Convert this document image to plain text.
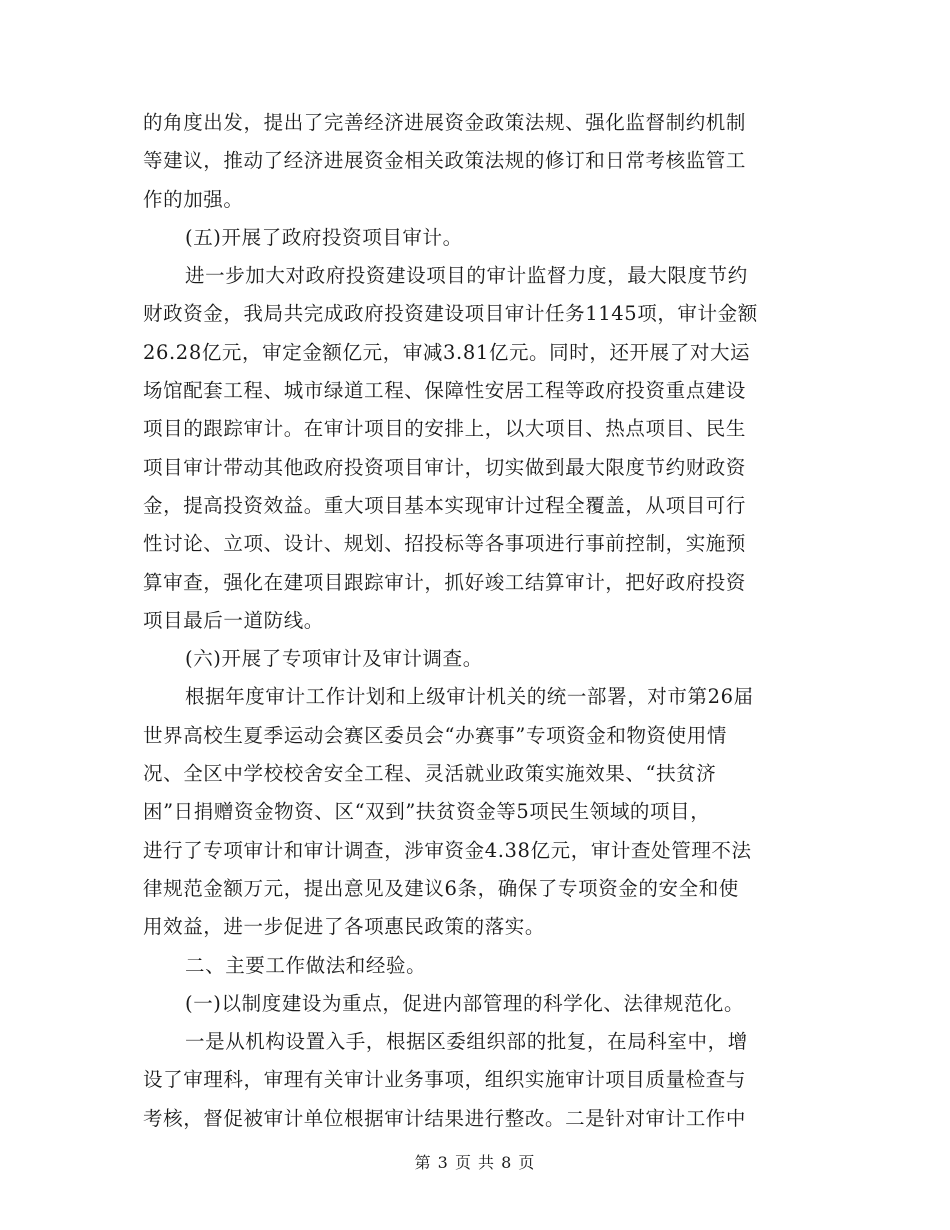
的角度出发，提出了完善经济进展资金政策法规、强化监督制约机制
等建议，推动了经济进展资金相关政策法规的修订和日常考核监管工
作的加强。
(五)开展了政府投资项目审计。
进一步加大对政府投资建设项目的审计监督力度，最大限度节约
财政资金，我局共完成政府投资建设项目审计任务1145项，审计金额
26.28亿元，审定金额亿元，审减3.81亿元。同时，还开展了对大运
场馆配套工程、城市绿道工程、保障性安居工程等政府投资重点建设
项目的跟踪审计。在审计项目的安排上，以大项目、热点项目、民生
项目审计带动其他政府投资项目审计，切实做到最大限度节约财政资
金，提高投资效益。重大项目基本实现审计过程全覆盖，从项目可行
性讨论、立项、设计、规划、招投标等各事项进行事前控制，实施预
算审查，强化在建项目跟踪审计，抓好竣工结算审计，把好政府投资
项目最后一道防线。
(六)开展了专项审计及审计调查。
根据年度审计工作计划和上级审计机关的统一部署，对市第26届
世界高校生夏季运动会赛区委员会“办赛事”专项资金和物资使用情
况、全区中学校校舍安全工程、灵活就业政策实施效果、“扶贫济
困”日捐赠资金物资、区“双到”扶贫资金等5项民生领域的项目，
进行了专项审计和审计调查，涉审资金4.38亿元，审计查处管理不法
律规范金额万元，提出意见及建议6条，确保了专项资金的安全和使
用效益，进一步促进了各项惠民政策的落实。
二、主要工作做法和经验。
(一)以制度建设为重点，促进内部管理的科学化、法律规范化。
一是从机构设置入手，根据区委组织部的批复，在局科室中，增
设了审理科，审理有关审计业务事项，组织实施审计项目质量检查与
考核，督促被审计单位根据审计结果进行整改。二是针对审计工作中
第 3 页 共 8 页
